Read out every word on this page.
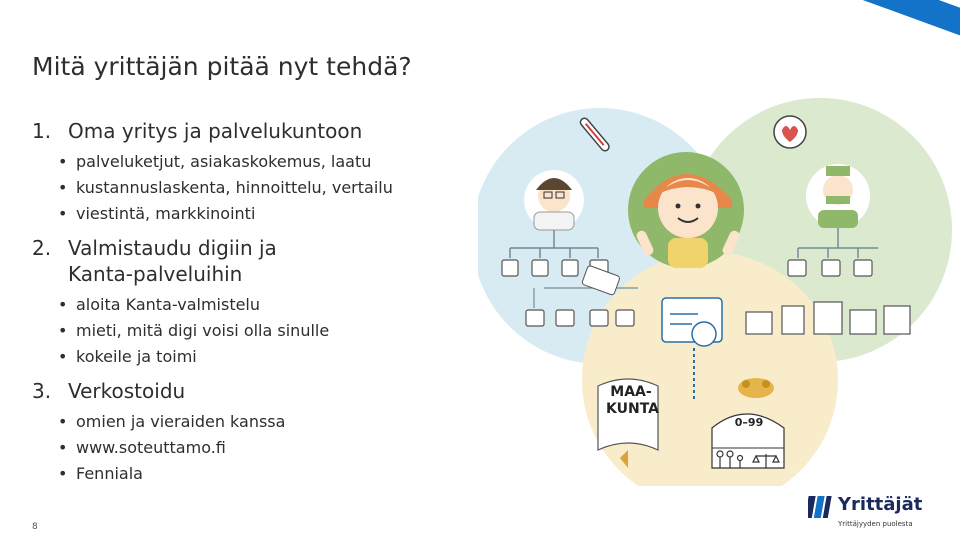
Mitä yrittäjän pitää nyt tehdä?
1. Oma yritys ja palvelukuntoon
• palveluketjut, asiakaskokemus, laatu
• kustannuslaskenta, hinnoittelu, vertailu
• viestintä, markkinointi
2. Valmistaudu digiin ja Kanta-palveluihin
• aloita Kanta-valmistelu
• mieti, mitä digi voisi olla sinulle
• kokeile ja toimi
3. Verkostoidu
• omien ja vieraiden kanssa
• www.soteuttamo.fi
• Fenniala
8
MAA-
KUNTA
0–99
Yrittäjät
Yrittäjyyden puolesta
